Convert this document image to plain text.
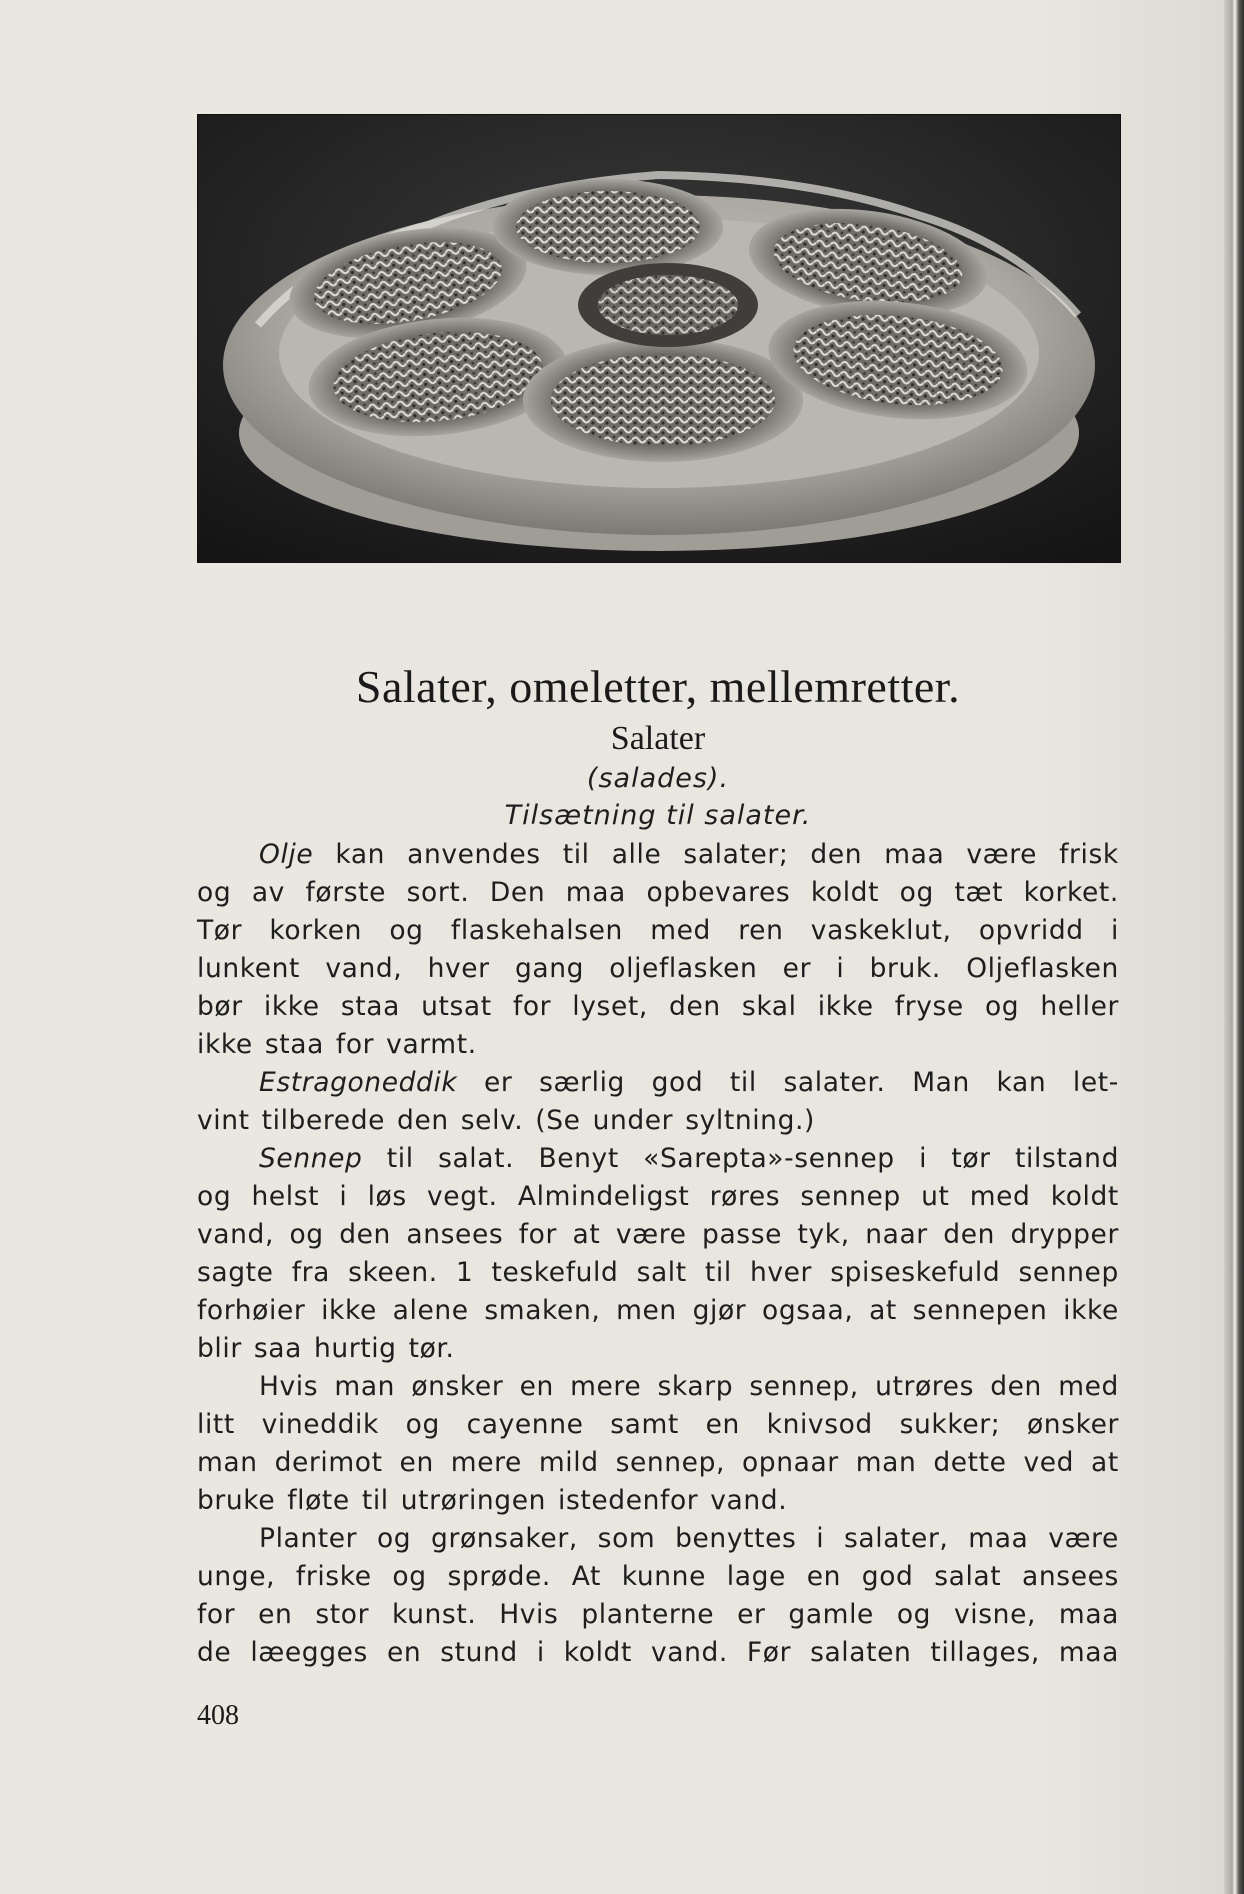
Salater, omeletter, mellemretter.
Salater
(salades).
Tilsætning til salater.
Olje kan anvendes til alle salater; den maa være frisk
og av første sort. Den maa opbevares koldt og tæt korket.
Tør korken og flaskehalsen med ren vaskeklut, opvridd i
lunkent vand, hver gang oljeflasken er i bruk. Oljeflasken
bør ikke staa utsat for lyset, den skal ikke fryse og heller
ikke staa for varmt.
Estragoneddik er særlig god til salater. Man kan let-
vint tilberede den selv. (Se under syltning.)
Sennep til salat. Benyt «Sarepta»-sennep i tør tilstand
og helst i løs vegt. Almindeligst røres sennep ut med koldt
vand, og den ansees for at være passe tyk, naar den drypper
sagte fra skeen. 1 teskefuld salt til hver spiseskefuld sennep
forhøier ikke alene smaken, men gjør ogsaa, at sennepen ikke
blir saa hurtig tør.
Hvis man ønsker en mere skarp sennep, utrøres den med
litt vineddik og cayenne samt en knivsod sukker; ønsker
man derimot en mere mild sennep, opnaar man dette ved at
bruke fløte til utrøringen istedenfor vand.
Planter og grønsaker, som benyttes i salater, maa være
unge, friske og sprøde. At kunne lage en god salat ansees
for en stor kunst. Hvis planterne er gamle og visne, maa
de læegges en stund i koldt vand. Før salaten tillages, maa
408
